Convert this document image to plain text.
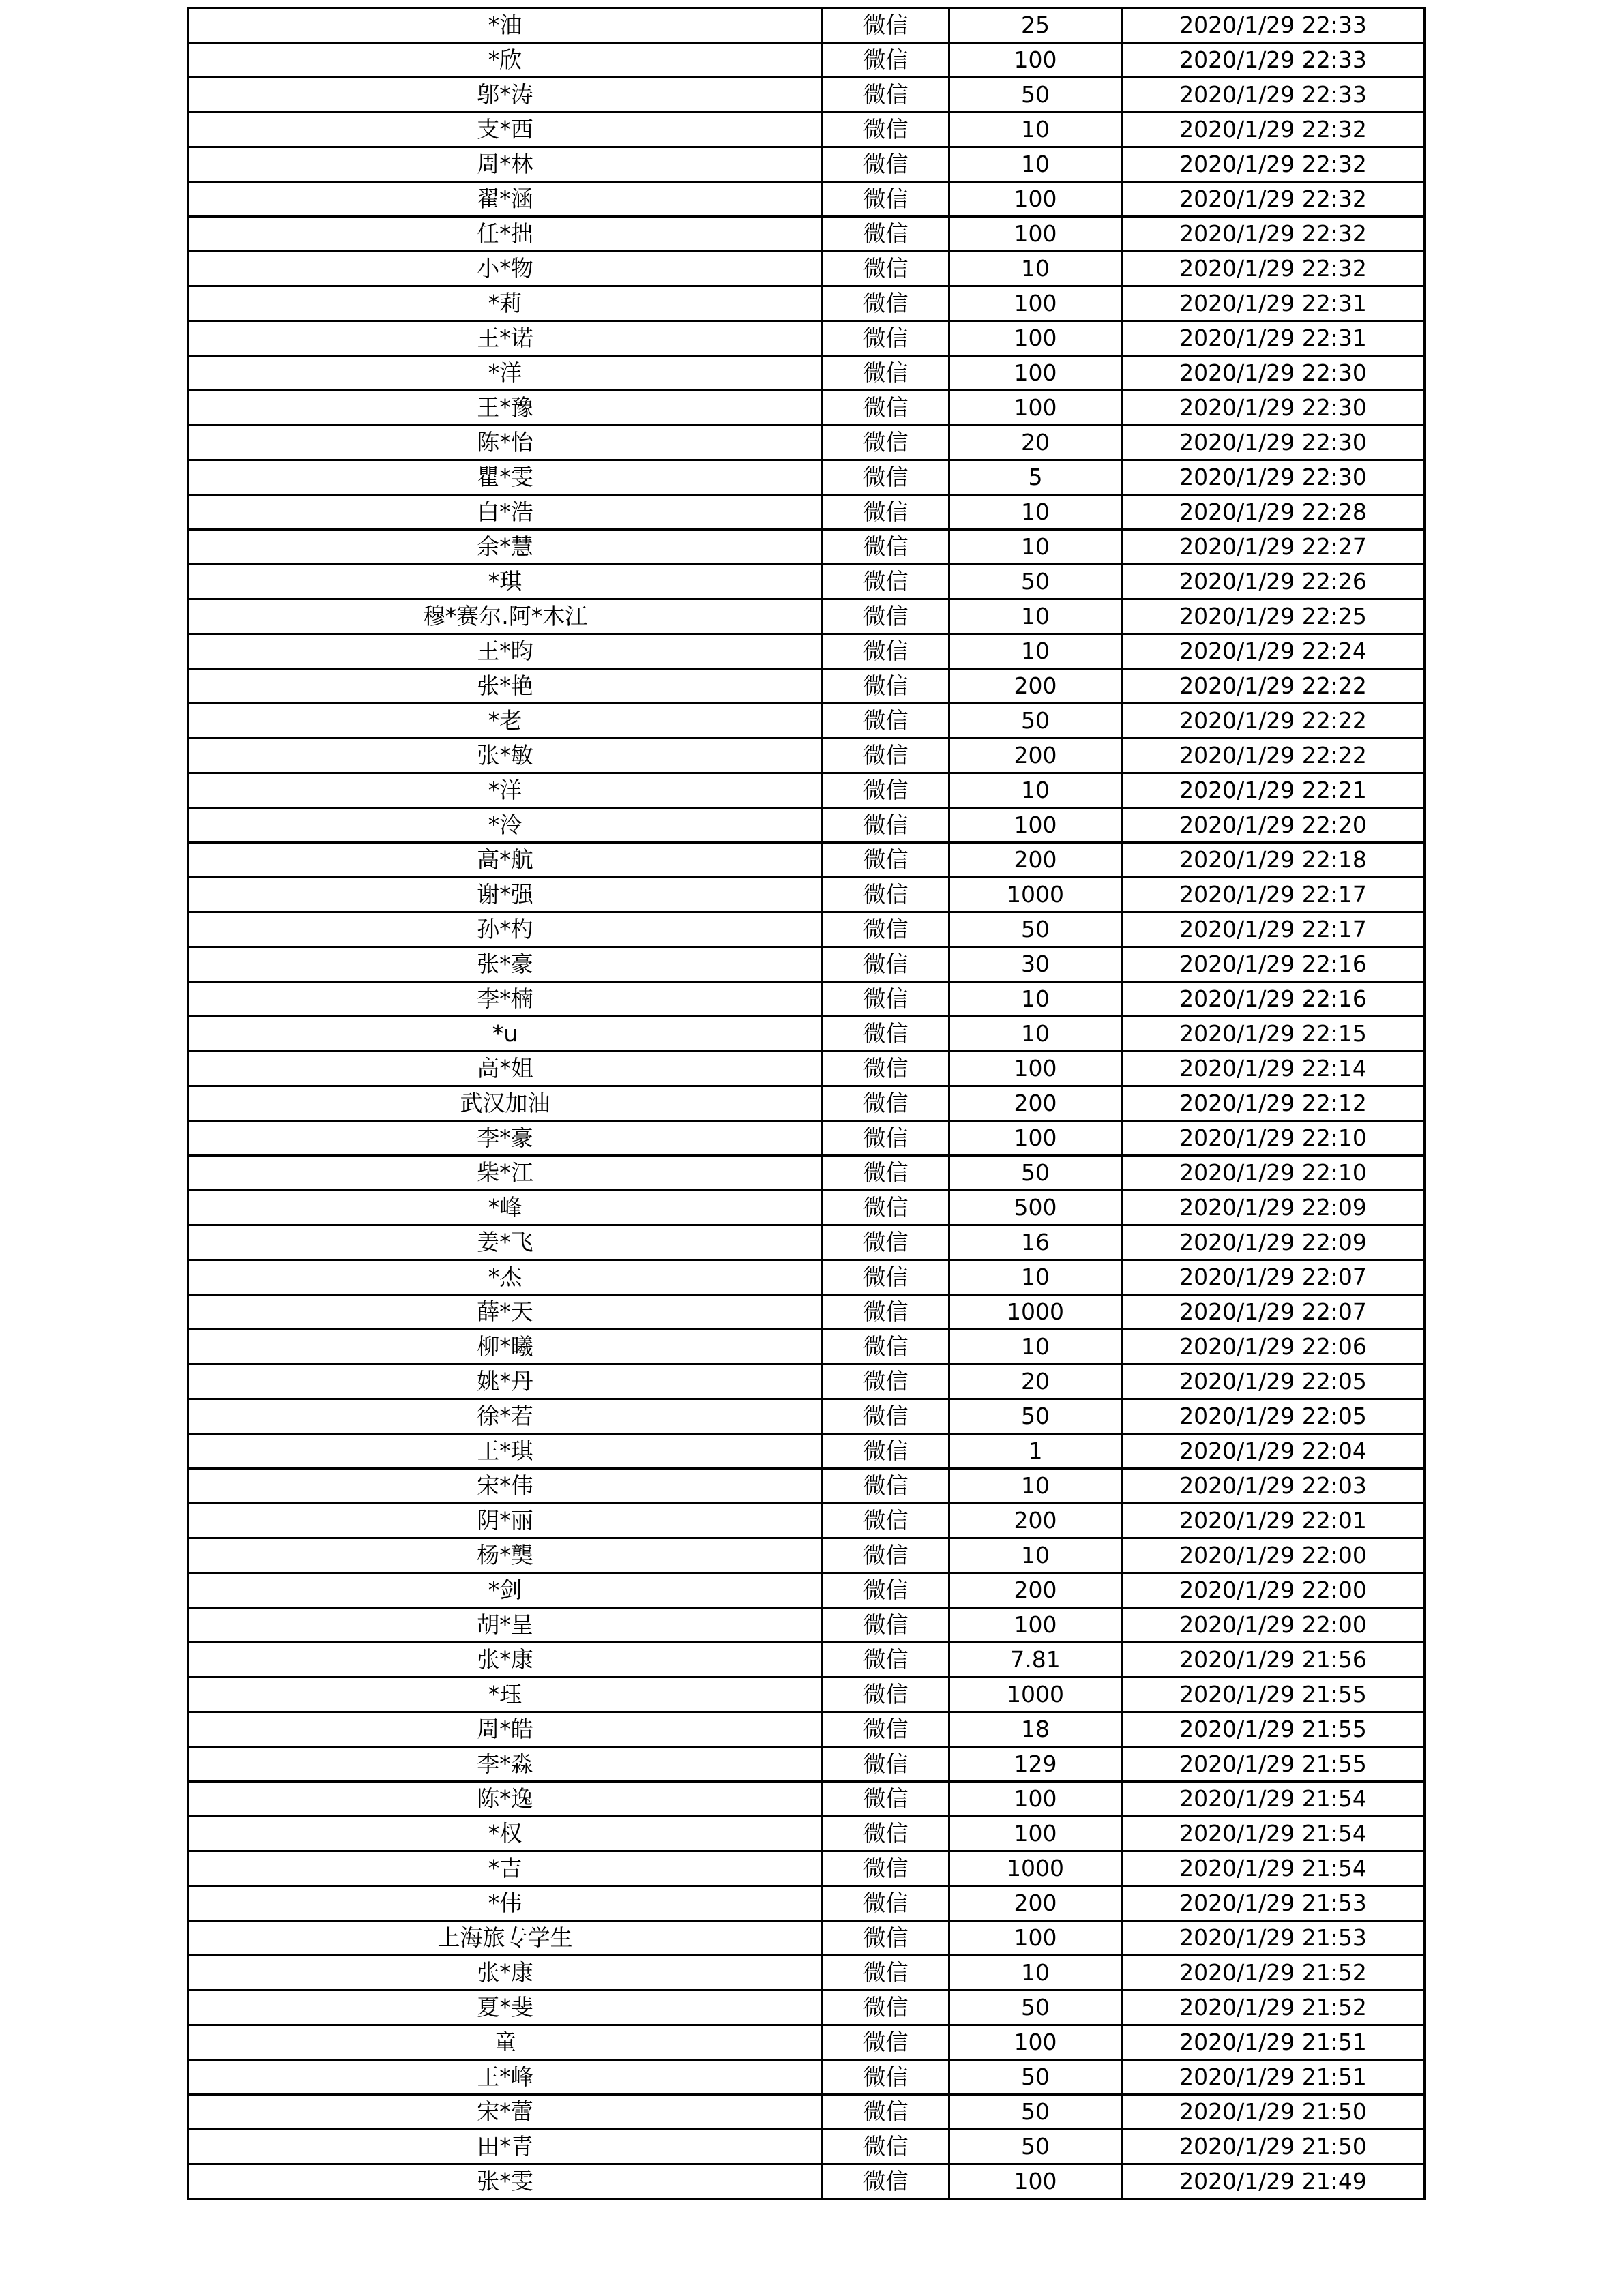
*油	微信	25	2020/1/29 22:33
*欣	微信	100	2020/1/29 22:33
邬*涛	微信	50	2020/1/29 22:33
支*西	微信	10	2020/1/29 22:32
周*林	微信	10	2020/1/29 22:32
翟*涵	微信	100	2020/1/29 22:32
任*拙	微信	100	2020/1/29 22:32
小*物	微信	10	2020/1/29 22:32
*莉	微信	100	2020/1/29 22:31
王*诺	微信	100	2020/1/29 22:31
*洋	微信	100	2020/1/29 22:30
王*豫	微信	100	2020/1/29 22:30
陈*怡	微信	20	2020/1/29 22:30
瞿*雯	微信	5	2020/1/29 22:30
白*浩	微信	10	2020/1/29 22:28
余*慧	微信	10	2020/1/29 22:27
*琪	微信	50	2020/1/29 22:26
穆*赛尔.阿*木江	微信	10	2020/1/29 22:25
王*昀	微信	10	2020/1/29 22:24
张*艳	微信	200	2020/1/29 22:22
*老	微信	50	2020/1/29 22:22
张*敏	微信	200	2020/1/29 22:22
*洋	微信	10	2020/1/29 22:21
*泠	微信	100	2020/1/29 22:20
高*航	微信	200	2020/1/29 22:18
谢*强	微信	1000	2020/1/29 22:17
孙*杓	微信	50	2020/1/29 22:17
张*豪	微信	30	2020/1/29 22:16
李*楠	微信	10	2020/1/29 22:16
*u	微信	10	2020/1/29 22:15
高*姐	微信	100	2020/1/29 22:14
武汉加油	微信	200	2020/1/29 22:12
李*豪	微信	100	2020/1/29 22:10
柴*江	微信	50	2020/1/29 22:10
*峰	微信	500	2020/1/29 22:09
姜*飞	微信	16	2020/1/29 22:09
*杰	微信	10	2020/1/29 22:07
薛*天	微信	1000	2020/1/29 22:07
柳*曦	微信	10	2020/1/29 22:06
姚*丹	微信	20	2020/1/29 22:05
徐*若	微信	50	2020/1/29 22:05
王*琪	微信	1	2020/1/29 22:04
宋*伟	微信	10	2020/1/29 22:03
阴*丽	微信	200	2020/1/29 22:01
杨*龑	微信	10	2020/1/29 22:00
*剑	微信	200	2020/1/29 22:00
胡*呈	微信	100	2020/1/29 22:00
张*康	微信	7.81	2020/1/29 21:56
*珏	微信	1000	2020/1/29 21:55
周*皓	微信	18	2020/1/29 21:55
李*淼	微信	129	2020/1/29 21:55
陈*逸	微信	100	2020/1/29 21:54
*权	微信	100	2020/1/29 21:54
*吉	微信	1000	2020/1/29 21:54
*伟	微信	200	2020/1/29 21:53
上海旅专学生	微信	100	2020/1/29 21:53
张*康	微信	10	2020/1/29 21:52
夏*斐	微信	50	2020/1/29 21:52
童	微信	100	2020/1/29 21:51
王*峰	微信	50	2020/1/29 21:51
宋*蕾	微信	50	2020/1/29 21:50
田*青	微信	50	2020/1/29 21:50
张*雯	微信	100	2020/1/29 21:49
